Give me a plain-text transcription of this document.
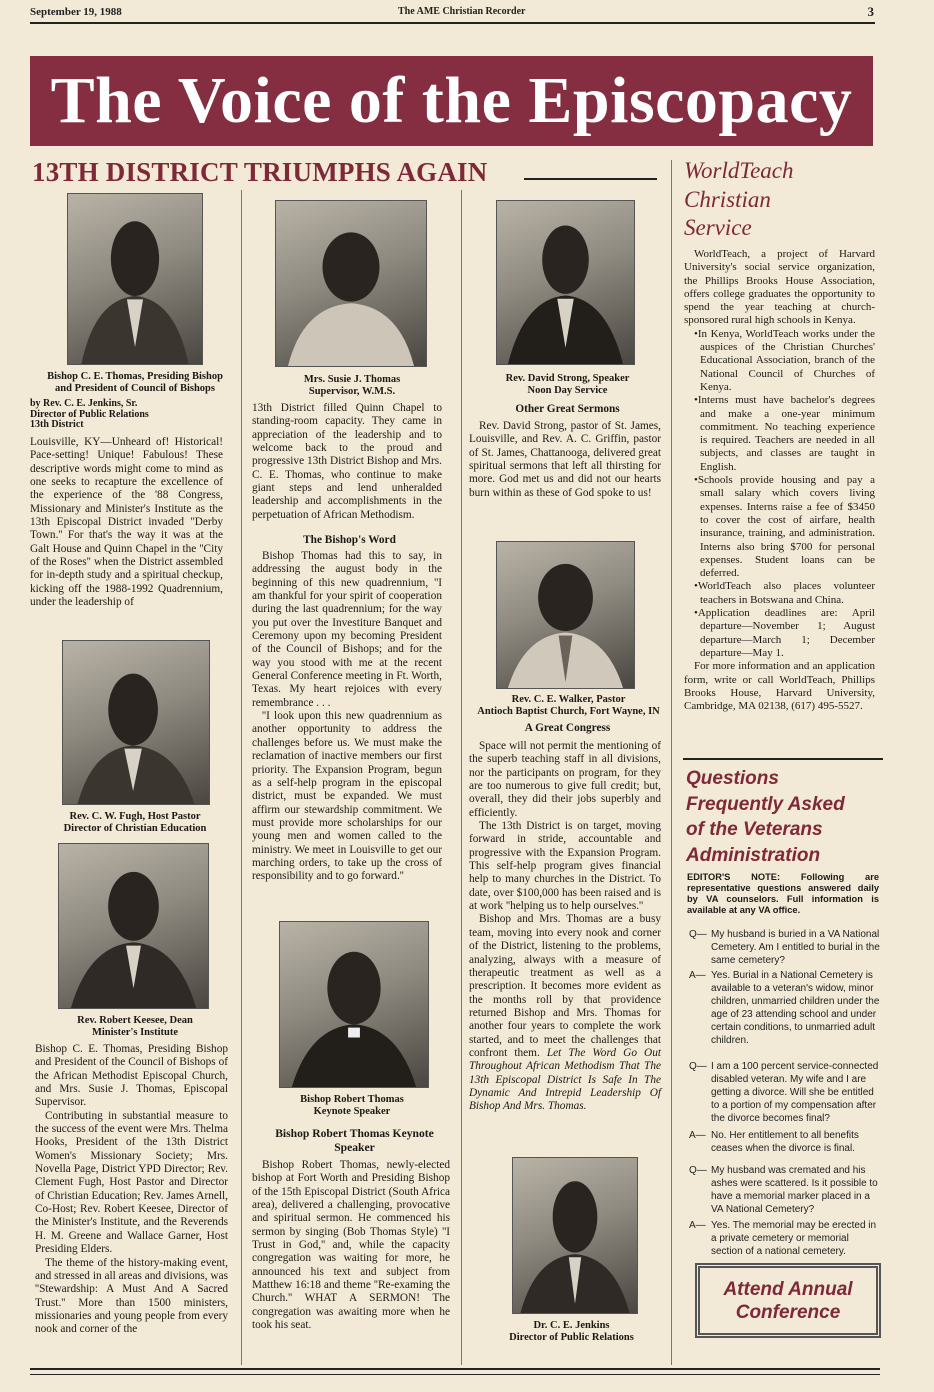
September 19, 1988	The AME Christian Recorder	3
The Voice of the Episcopacy
13TH DISTRICT TRIUMPHS AGAIN
Bishop C. E. Thomas, Presiding Bishop
and President of Council of Bishops
by Rev. C. E. Jenkins, Sr.
Director of Public Relations
13th District
Louisville, KY—Unheard of! Historical! Pace-setting! Unique! Fabulous! These descriptive words might come to mind as one seeks to recapture the excellence of the experience of the '88 Congress, Missionary and Minister's Institute as the 13th Episcopal District invaded ''Derby Town.'' For that's the way it was at the Galt House and Quinn Chapel in the ''City of the Roses'' when the District assembled for in-depth study and a spiritual checkup, kicking off the 1988-1992 Quadrennium, under the leadership of
Rev. C. W. Fugh, Host Pastor
Director of Christian Education
Rev. Robert Keesee, Dean
Minister's Institute

Bishop C. E. Thomas, Presiding Bishop and President of the Council of Bishops of the African Methodist Episcopal Church, and Mrs. Susie J. Thomas, Episcopal Supervisor.

Contributing in substantial measure to the success of the event were Mrs. Thelma Hooks, President of the 13th District Women's Missionary Society; Mrs. Novella Page, District YPD Director; Rev. Clement Fugh, Host Pastor and Director of Christian Education; Rev. James Arnell, Co-Host; Rev. Robert Keesee, Director of the Minister's Institute, and the Reverends H. M. Greene and Wallace Garner, Host Presiding Elders.

The theme of the history-making event, and stressed in all areas and divisions, was ''Stewardship: A Must And A Sacred Trust.'' More than 1500 ministers, missionaries and young people from every nook and corner of the

Mrs. Susie J. Thomas
Supervisor, W.M.S.

13th District filled Quinn Chapel to standing-room capacity. They came in appreciation of the leadership and to welcome back to the proud and progressive 13th District Bishop and Mrs. C. E. Thomas, who continue to make giant steps and lend unheralded leadership and accomplishments in the perpetuation of African Methodism.

The Bishop's Word

Bishop Thomas had this to say, in addressing the august body in the beginning of this new quadrennium, ''I am thankful for your spirit of cooperation during the last quadrennium; for the way you put over the Investiture Banquet and Ceremony upon my becoming President of the Council of Bishops; and for the way you stood with me at the recent General Conference meeting in Ft. Worth, Texas. My heart rejoices with every remembrance . . .

''I look upon this new quadrennium as another opportunity to address the challenges before us. We must make the reclamation of inactive members our first priority. The Expansion Program, begun as a self-help program in the episcopal district, must be expanded. We must affirm our stewardship commitment. We must provide more scholarships for our young men and women called to the ministry. We meet in Louisville to get our marching orders, to take up the cross of responsibility and to go forward.''

Bishop Robert Thomas
Keynote Speaker
Bishop Robert Thomas Keynote Speaker

Bishop Robert Thomas, newly-elected bishop at Fort Worth and Presiding Bishop of the 15th Episcopal District (South Africa area), delivered a challenging, provocative and spiritual sermon. He commenced his sermon by singing (Bob Thomas Style) ''I Trust in God,'' and, while the capacity congregation was waiting for more, he announced his text and subject from Matthew 16:18 and theme ''Re-examing the Church.'' WHAT A SERMON! The congregation was awaiting more when he took his seat.

Rev. David Strong, Speaker
Noon Day Service
Other Great Sermons

Rev. David Strong, pastor of St. James, Louisville, and Rev. A. C. Griffin, pastor of St. James, Chattanooga, delivered great spiritual sermons that left all thirsting for more. God met us and did not our hearts burn within as these of God spoke to us!

Rev. C. E. Walker, Pastor
Antioch Baptist Church, Fort Wayne, IN
A Great Congress

Space will not permit the mentioning of the superb teaching staff in all divisions, nor the participants on program, for they are too numerous to give full credit; but, overall, they did their jobs superbly and efficiently.

The 13th District is on target, moving forward in stride, accountable and progressive with the Expansion Program. This self-help program gives financial help to many churches in the District. To date, over $100,000 has been raised and is at work ''helping us to help ourselves.''

Bishop and Mrs. Thomas are a busy team, moving into every nook and corner of the District, listening to the problems, analyzing, always with a measure of therapeutic treatment as well as a prescription. It becomes more evident as the months roll by that providence returned Bishop and Mrs. Thomas for another four years to complete the work started, and to meet the challenges that confront them. Let The Word Go Out Throughout African Methodism That The 13th Episcopal District Is Safe In The Dynamic And Intrepid Leadership Of Bishop And Mrs. Thomas.

Dr. C. E. Jenkins
Director of Public Relations
WorldTeach
Christian
Service

WorldTeach, a project of Harvard University's social service organization, the Phillips Brooks House Association, offers college graduates the opportunity to spend the year teaching at church-sponsored rural high schools in Kenya.

•In Kenya, WorldTeach works under the auspices of the Christian Churches' Educational Association, branch of the National Council of Churches of Kenya.
•Interns must have bachelor's degrees and make a one-year minimum commitment. No teaching experience is required. Teachers are needed in all subjects, and classes are taught in English.
•Schools provide housing and pay a small salary which covers living expenses. Interns raise a fee of $3450 to cover the cost of airfare, health insurance, training, and administration. Interns also bring $700 for personal expenses. Student loans can be deferred.
•WorldTeach also places volunteer teachers in Botswana and China.
•Application deadlines are: April departure—November 1; August departure—March 1; December departure—May 1.

For more information and an application form, write or call WorldTeach, Phillips Brooks House, Harvard University, Cambridge, MA 02138, (617) 495-5527.

Questions
Frequently Asked
of the Veterans
Administration
EDITOR'S NOTE: Following are representative questions answered daily by VA counselors. Full information is available at any VA office.
Q— My husband is buried in a VA National Cemetery. Am I entitled to burial in the same cemetery?
A— Yes. Burial in a National Cemetery is available to a veteran's widow, minor children, unmarried children under the age of 23 attending school and under certain conditions, to unmarried adult children.
Q— I am a 100 percent service-connected disabled veteran. My wife and I are getting a divorce. Will she be entitled to a portion of my compensation after the divorce becomes final?
A— No. Her entitlement to all benefits ceases when the divorce is final.
Q— My husband was cremated and his ashes were scattered. Is it possible to have a memorial marker placed in a VA National Cemetery?
A— Yes. The memorial may be erected in a private cemetery or memorial section of a national cemetery.
Attend Annual
Conference
